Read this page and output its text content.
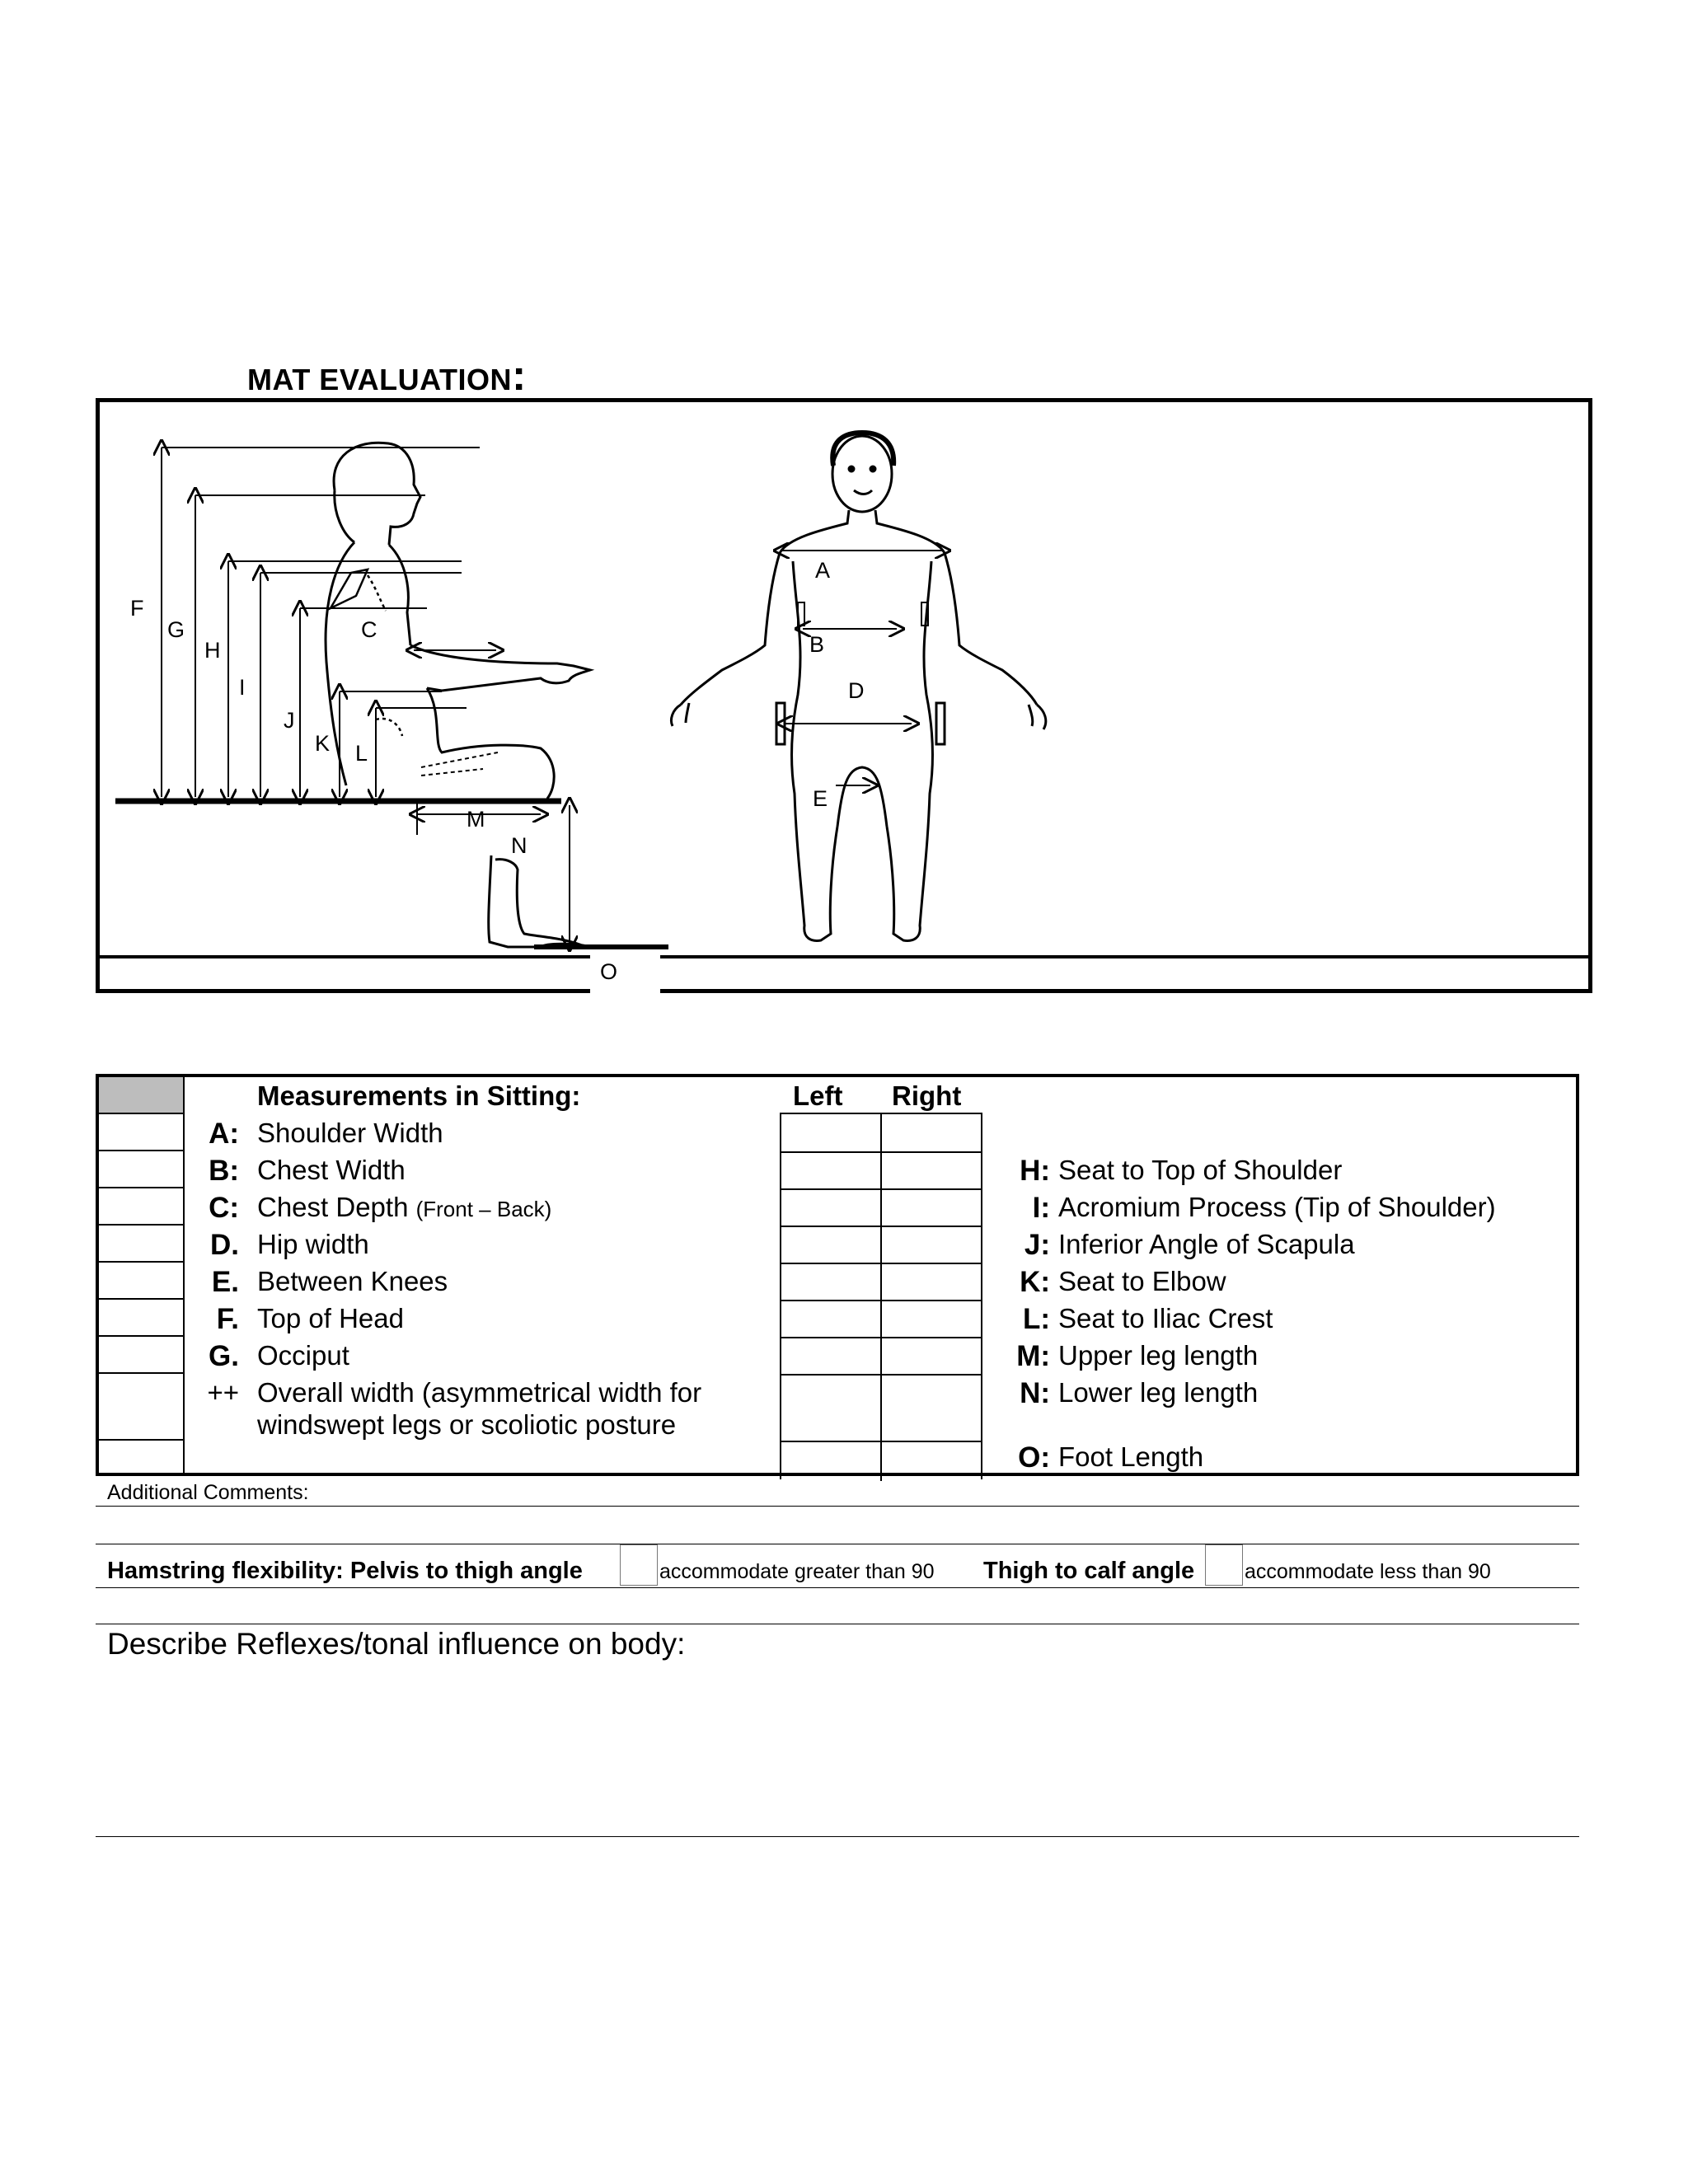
MAT EVALUATION:
F
G
H
I
J
K L
C
M
N
O
A
B
D
E
Measurements in Sitting:	Left Right
A: Shoulder Width
B: Chest Width
C: Chest Depth (Front – Back)
D. Hip width
E. Between Knees
F. Top of Head
G. Occiput
++ Overall width (asymmetrical width for
windswept legs or scoliotic posture
H: Seat to Top of Shoulder
I: Acromium Process (Tip of Shoulder)
J: Inferior Angle of Scapula
K: Seat to Elbow
L: Seat to Iliac Crest
M: Upper leg length
N: Lower leg length
O: Foot Length
Additional Comments:
Hamstring flexibility: Pelvis to thigh angle	accommodate greater than 90 Thigh to calf angle accommodate less than 90
Describe Reflexes/tonal influence on body:
